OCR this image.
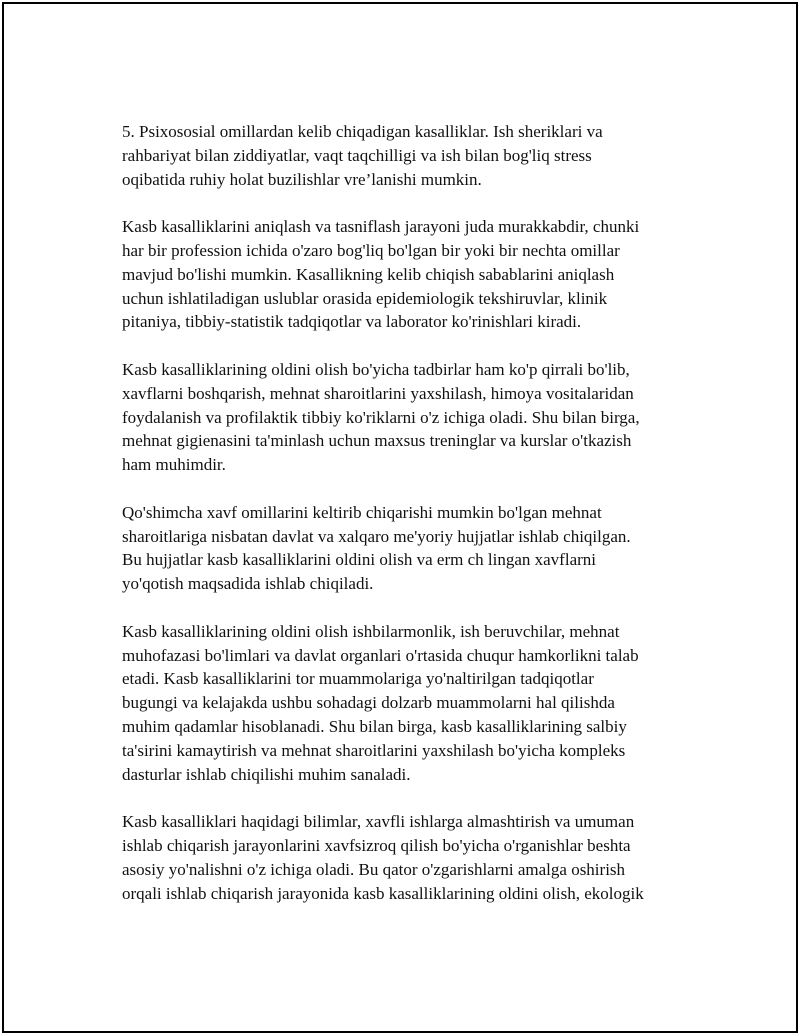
5. Psixososial omillardan kelib chiqadigan kasalliklar. Ish sheriklari va
rahbariyat bilan ziddiyatlar, vaqt taqchilligi va ish bilan bog'liq stress
oqibatida ruhiy holat buzilishlar vre’lanishi mumkin.

Kasb kasalliklarini aniqlash va tasniflash jarayoni juda murakkabdir, chunki
har bir profession ichida o'zaro bog'liq bo'lgan bir yoki bir nechta omillar
mavjud bo'lishi mumkin. Kasallikning kelib chiqish sabablarini aniqlash
uchun ishlatiladigan uslublar orasida epidemiologik tekshiruvlar, klinik
pitaniya, tibbiy-statistik tadqiqotlar va laborator ko'rinishlari kiradi.

Kasb kasalliklarining oldini olish bo'yicha tadbirlar ham ko'p qirrali bo'lib,
xavflarni boshqarish, mehnat sharoitlarini yaxshilash, himoya vositalaridan
foydalanish va profilaktik tibbiy ko'riklarni o'z ichiga oladi. Shu bilan birga,
mehnat gigienasini ta'minlash uchun maxsus treninglar va kurslar o'tkazish
ham muhimdir.

Qo'shimcha xavf omillarini keltirib chiqarishi mumkin bo'lgan mehnat
sharoitlariga nisbatan davlat va xalqaro me'yoriy hujjatlar ishlab chiqilgan.
Bu hujjatlar kasb kasalliklarini oldini olish va erm ch lingan xavflarni
yo'qotish maqsadida ishlab chiqiladi.

Kasb kasalliklarining oldini olish ishbilarmonlik, ish beruvchilar, mehnat
muhofazasi bo'limlari va davlat organlari o'rtasida chuqur hamkorlikni talab
etadi. Kasb kasalliklarini tor muammolariga yo'naltirilgan tadqiqotlar
bugungi va kelajakda ushbu sohadagi dolzarb muammolarni hal qilishda
muhim qadamlar hisoblanadi. Shu bilan birga, kasb kasalliklarining salbiy
ta'sirini kamaytirish va mehnat sharoitlarini yaxshilash bo'yicha kompleks
dasturlar ishlab chiqilishi muhim sanaladi.

Kasb kasalliklari haqidagi bilimlar, xavfli ishlarga almashtirish va umuman
ishlab chiqarish jarayonlarini xavfsizroq qilish bo'yicha o'rganishlar beshta
asosiy yo'nalishni o'z ichiga oladi. Bu qator o'zgarishlarni amalga oshirish
orqali ishlab chiqarish jarayonida kasb kasalliklarining oldini olish, ekologik
